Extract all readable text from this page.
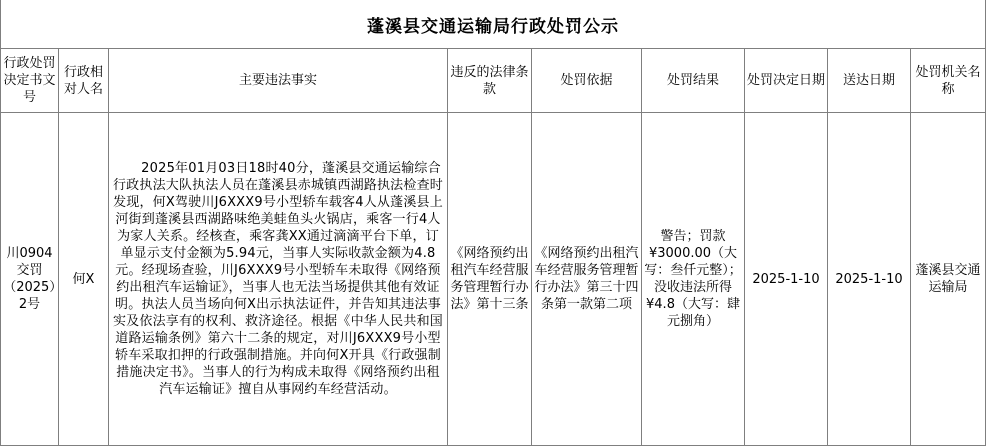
蓬溪县交通运输局行政处罚公示
行政处罚决定书文号	行政相对人名	主要违法事实	违反的法律条款	处罚依据	处罚结果	处罚决定日期	送达日期	处罚机关名称
川0904交罚（2025）2号	何X	2025年01月03日18时40分，蓬溪县交通运输综合行政执法大队执法人员在蓬溪县赤城镇西湖路执法检查时发现，何X驾驶川J6XXX9号小型轿车载客4人从蓬溪县上河街到蓬溪县西湖路味绝美蛙鱼头火锅店，乘客一行4人为家人关系。经核查，乘客龚XX通过滴滴平台下单，订单显示支付金额为5.94元，当事人实际收款金额为4.8元。经现场查验，川J6XXX9号小型轿车未取得《网络预约出租汽车运输证》，当事人也无法当场提供其他有效证明。执法人员当场向何X出示执法证件，并告知其违法事实及依法享有的权利、救济途径。根据《中华人民共和国道路运输条例》第六十二条的规定，对川J6XXX9号小型轿车采取扣押的行政强制措施。并向何X开具《行政强制措施决定书》。当事人的行为构成未取得《网络预约出租汽车运输证》擅自从事网约车经营活动。	《网络预约出租汽车经营服务管理暂行办法》第十三条	《网络预约出租汽车经营服务管理暂行办法》第三十四条第一款第二项	警告；罚款¥3000.00（大写：叁仟元整）；没收违法所得¥4.8（大写：肆元捌角）	2025-1-10	2025-1-10	蓬溪县交通运输局
